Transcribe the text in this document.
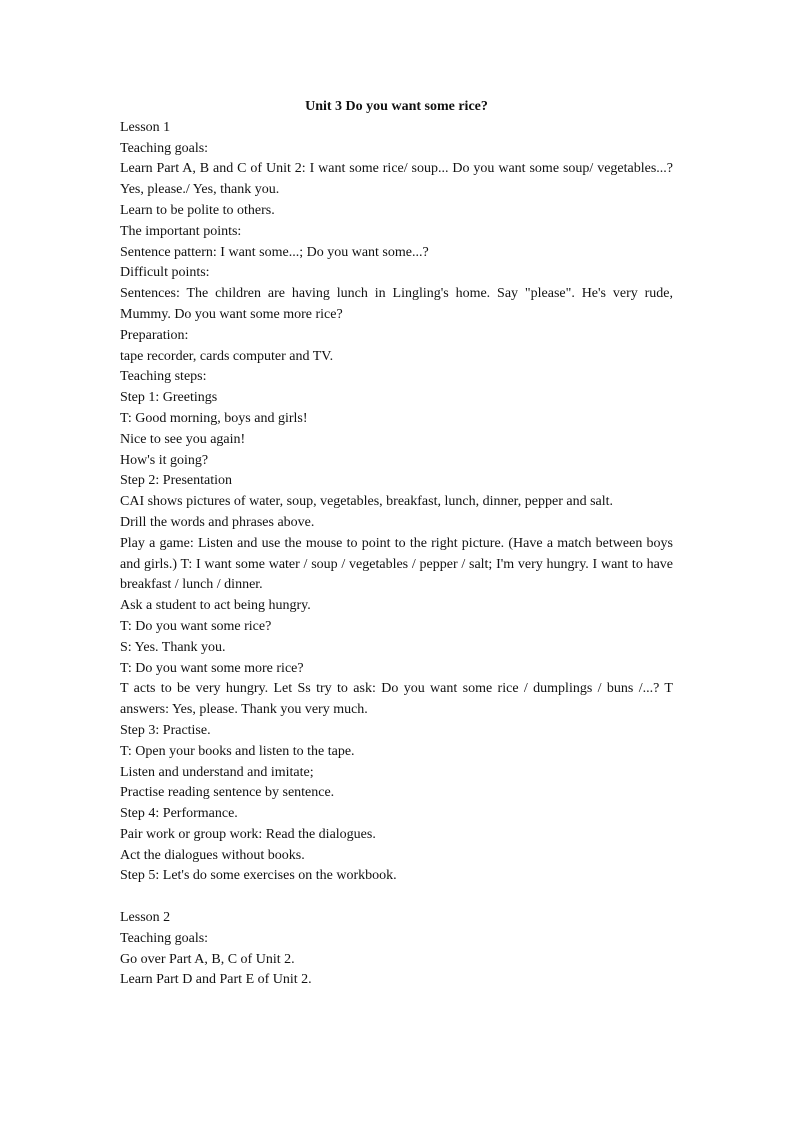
Unit 3 Do you want some rice?

Lesson 1

Teaching goals:

Learn Part A, B and C of Unit 2: I want some rice/ soup... Do you want some soup/ vegetables...? Yes, please./ Yes, thank you.

Learn to be polite to others.

The important points:

Sentence pattern: I want some...; Do you want some...?

Difficult points:

Sentences: The children are having lunch in Lingling's home. Say "please". He's very rude, Mummy. Do you want some more rice?

Preparation:

tape recorder, cards computer and TV.

Teaching steps:

Step 1: Greetings

T: Good morning, boys and girls!

Nice to see you again!

How's it going?

Step 2: Presentation

CAI shows pictures of water, soup, vegetables, breakfast, lunch, dinner, pepper and salt.

Drill the words and phrases above.

Play a game: Listen and use the mouse to point to the right picture. (Have a match between boys and girls.) T: I want some water / soup / vegetables / pepper / salt; I'm very hungry. I want to have breakfast / lunch / dinner.

Ask a student to act being hungry.

T: Do you want some rice?

S: Yes. Thank you.

T: Do you want some more rice?

T acts to be very hungry. Let Ss try to ask: Do you want some rice / dumplings / buns /...? T answers: Yes, please. Thank you very much.

Step 3: Practise.

T: Open your books and listen to the tape.

Listen and understand and imitate;

Practise reading sentence by sentence.

Step 4: Performance.

Pair work or group work: Read the dialogues.

Act the dialogues without books.

Step 5: Let's do some exercises on the workbook.

Lesson 2

Teaching goals:

Go over Part A, B, C of Unit 2.

Learn Part D and Part E of Unit 2.
